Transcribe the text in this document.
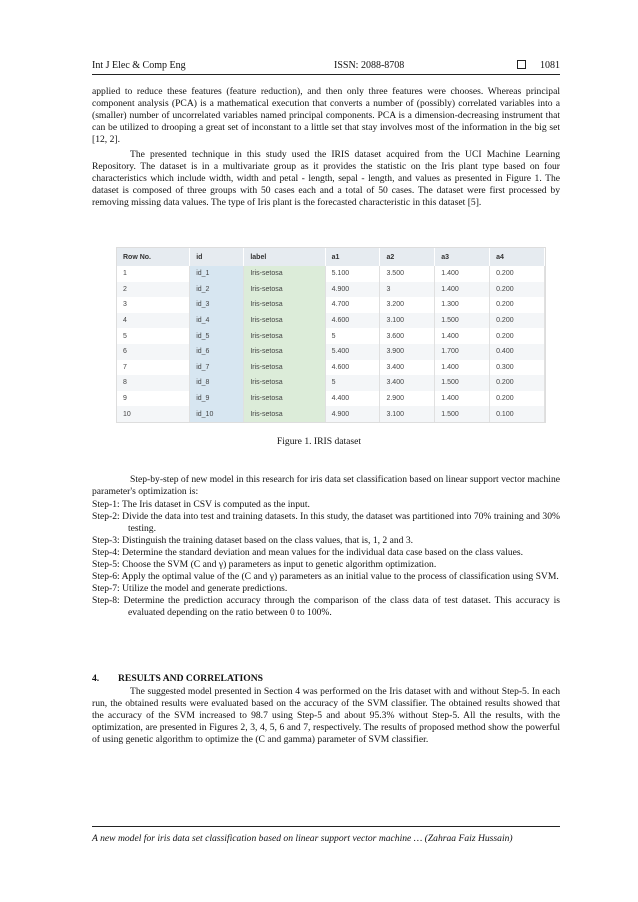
Int J Elec & Comp Eng	ISSN: 2088-8708	1081

applied to reduce these features (feature reduction), and then only three features were chooses. Whereas principal component analysis (PCA) is a mathematical execution that converts a number of (possibly) correlated variables into a (smaller) number of uncorrelated variables named principal components. PCA is a dimension-decreasing instrument that can be utilized to drooping a great set of inconstant to a little set that stay involves most of the information in the big set [12, 2].

The presented technique in this study used the IRIS dataset acquired from the UCI Machine Learning Repository. The dataset is in a multivariate group as it provides the statistic on the Iris plant type based on four characteristics which include width, width and petal - length, sepal - length, and values as presented in Figure 1. The dataset is composed of three groups with 50 cases each and a total of 50 cases. The dataset were first processed by removing missing data values. The type of Iris plant is the forecasted characteristic in this dataset [5].

Row No.	id	label	a1	a2	a3	a4
1	id_1	Iris-setosa	5.100	3.500	1.400	0.200
2	id_2	Iris-setosa	4.900	3	1.400	0.200
3	id_3	Iris-setosa	4.700	3.200	1.300	0.200
4	id_4	Iris-setosa	4.600	3.100	1.500	0.200
5	id_5	Iris-setosa	5	3.600	1.400	0.200
6	id_6	Iris-setosa	5.400	3.900	1.700	0.400
7	id_7	Iris-setosa	4.600	3.400	1.400	0.300
8	id_8	Iris-setosa	5	3.400	1.500	0.200
9	id_9	Iris-setosa	4.400	2.900	1.400	0.200
10	id_10	Iris-setosa	4.900	3.100	1.500	0.100
Figure 1. IRIS dataset

Step-by-step of new model in this research for iris data set classification based on linear support vector machine parameter's optimization is:

Step-1: The Iris dataset in CSV is computed as the input.

Step-2: Divide the data into test and training datasets. In this study, the dataset was partitioned into 70% training and 30% testing.

Step-3: Distinguish the training dataset based on the class values, that is, 1, 2 and 3.

Step-4: Determine the standard deviation and mean values for the individual data case based on the class values.

Step-5: Choose the SVM (C and γ) parameters as input to genetic algorithm optimization.

Step-6: Apply the optimal value of the (C and γ) parameters as an initial value to the process of classification using SVM.

Step-7: Utilize the model and generate predictions.

Step-8: Determine the prediction accuracy through the comparison of the class data of test dataset. This accuracy is evaluated depending on the ratio between 0 to 100%.

4. RESULTS AND CORRELATIONS

The suggested model presented in Section 4 was performed on the Iris dataset with and without Step-5. In each run, the obtained results were evaluated based on the accuracy of the SVM classifier. The obtained results showed that the accuracy of the SVM increased to 98.7 using Step-5 and about 95.3% without Step-5. All the results, with the optimization, are presented in Figures 2, 3, 4, 5, 6 and 7, respectively. The results of proposed method show the powerful of using genetic algorithm to optimize the (C and gamma) parameter of SVM classifier.

A new model for iris data set classification based on linear support vector machine … (Zahraa Faiz Hussain)
